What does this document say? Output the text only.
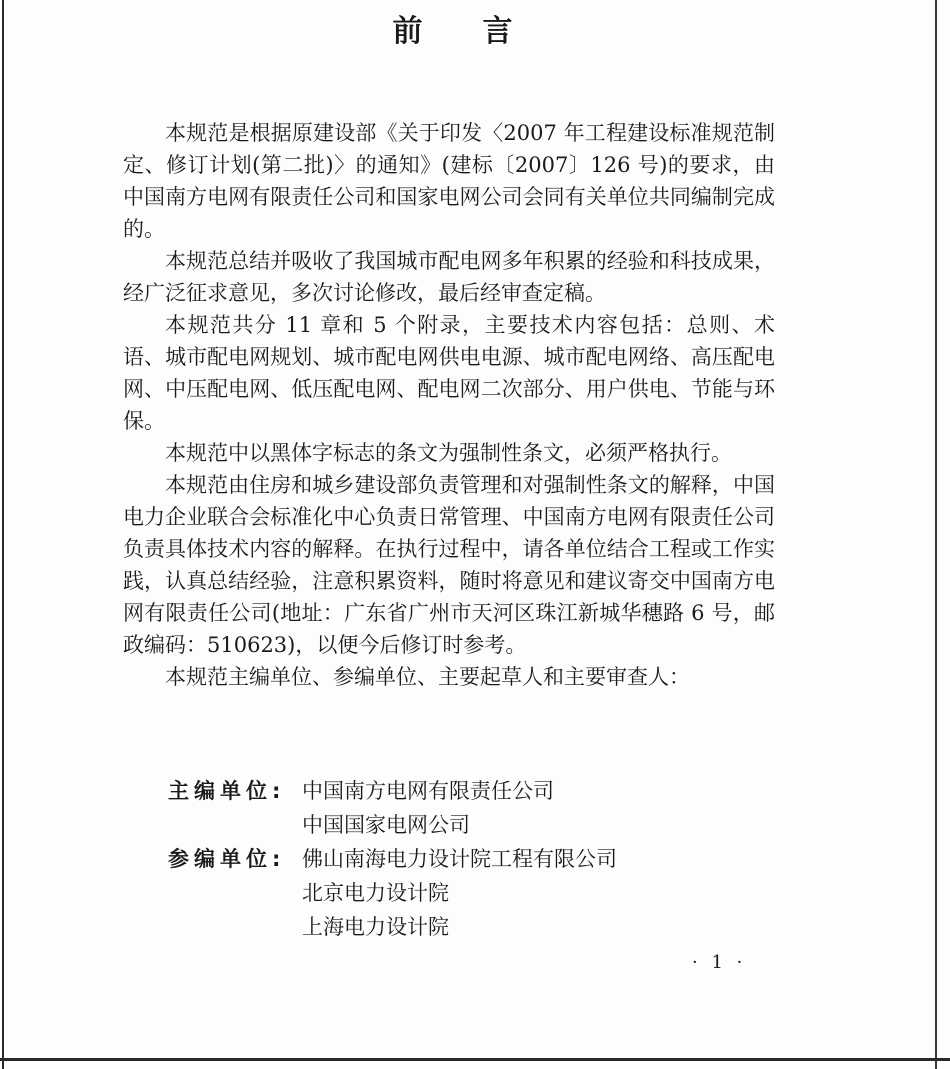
前言

本规范是根据原建设部《关于印发〈2007 年工程建设标准规范制定、修订计划(第二批)〉的通知》(建标〔2007〕126 号)的要求，由中国南方电网有限责任公司和国家电网公司会同有关单位共同编制完成的。

本规范总结并吸收了我国城市配电网多年积累的经验和科技成果，经广泛征求意见，多次讨论修改，最后经审查定稿。

本规范共分 11 章和 5 个附录，主要技术内容包括：总则、术语、城市配电网规划、城市配电网供电电源、城市配电网络、高压配电网、中压配电网、低压配电网、配电网二次部分、用户供电、节能与环保。

本规范中以黑体字标志的条文为强制性条文，必须严格执行。

本规范由住房和城乡建设部负责管理和对强制性条文的解释，中国电力企业联合会标准化中心负责日常管理、中国南方电网有限责任公司负责具体技术内容的解释。在执行过程中，请各单位结合工程或工作实践，认真总结经验，注意积累资料，随时将意见和建议寄交中国南方电网有限责任公司(地址：广东省广州市天河区珠江新城华穗路 6 号，邮政编码：510623)，以便今后修订时参考。

本规范主编单位、参编单位、主要起草人和主要审查人：

主编单位: 中国南方电网有限责任公司
中国国家电网公司
参编单位: 佛山南海电力设计院工程有限公司
北京电力设计院
上海电力设计院
· 1 ·
